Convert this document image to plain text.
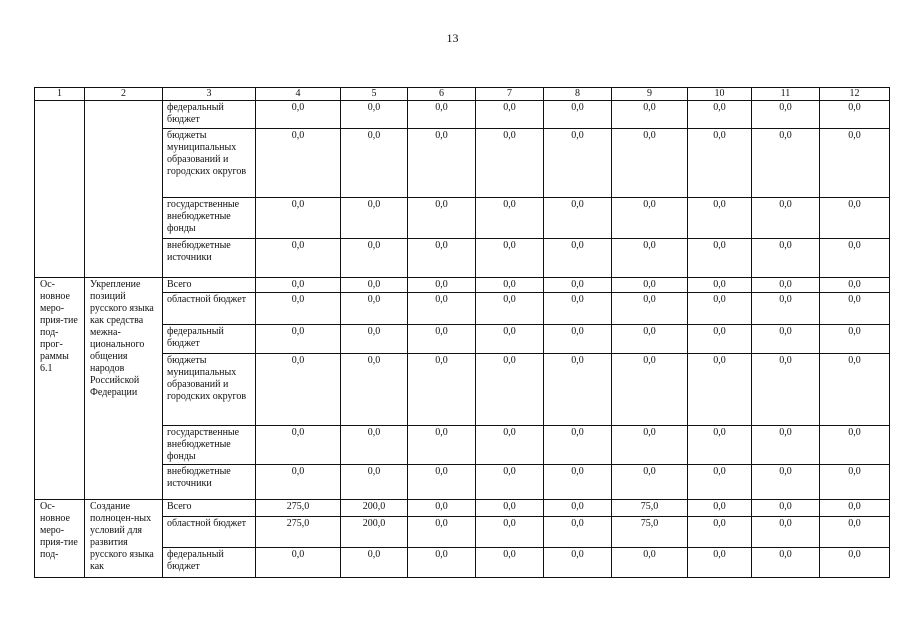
13
1	2	3	4	5	6	7	8	9	10	11	12
		федеральный бюджет	0,0	0,0	0,0	0,0	0,0	0,0	0,0	0,0	0,0
		бюджеты муниципальных образований и городских округов	0,0	0,0	0,0	0,0	0,0	0,0	0,0	0,0	0,0
		государственные внебюджетные фонды	0,0	0,0	0,0	0,0	0,0	0,0	0,0	0,0	0,0
		внебюджетные источники	0,0	0,0	0,0	0,0	0,0	0,0	0,0	0,0	0,0
Ос-новное меро-прия-тие под-прог-раммы 6.1	Укрепление позиций русского языка как средства межна-ционального общения народов Российской Федерации	Всего	0,0	0,0	0,0	0,0	0,0	0,0	0,0	0,0	0,0
		областной бюджет	0,0	0,0	0,0	0,0	0,0	0,0	0,0	0,0	0,0
		федеральный бюджет	0,0	0,0	0,0	0,0	0,0	0,0	0,0	0,0	0,0
		бюджеты муниципальных образований и городских округов	0,0	0,0	0,0	0,0	0,0	0,0	0,0	0,0	0,0
		государственные внебюджетные фонды	0,0	0,0	0,0	0,0	0,0	0,0	0,0	0,0	0,0
		внебюджетные источники	0,0	0,0	0,0	0,0	0,0	0,0	0,0	0,0	0,0
Ос-новное меро-прия-тие под-	Создание полноцен-ных условий для развития русского языка как	Всего	275,0	200,0	0,0	0,0	0,0	75,0	0,0	0,0	0,0
		областной бюджет	275,0	200,0	0,0	0,0	0,0	75,0	0,0	0,0	0,0
		федеральный бюджет	0,0	0,0	0,0	0,0	0,0	0,0	0,0	0,0	0,0
